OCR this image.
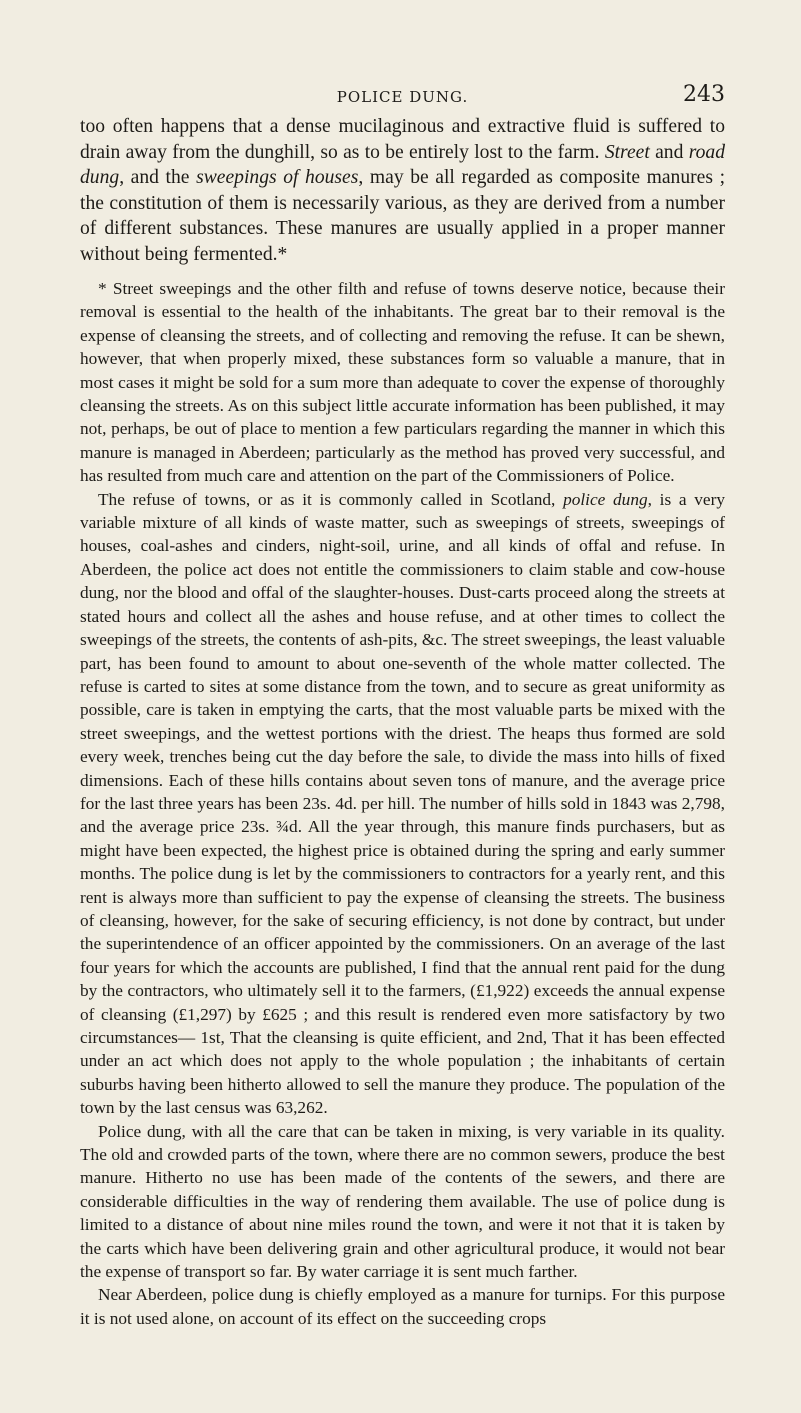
POLICE DUNG.	243

too often happens that a dense mucilaginous and extractive fluid is suffered to drain away from the dunghill, so as to be entirely lost to the farm. Street and road dung, and the sweepings of houses, may be all regarded as composite manures ; the constitution of them is necessarily various, as they are derived from a number of different substances. These manures are usually applied in a proper manner without being fermented.*

* Street sweepings and the other filth and refuse of towns deserve notice, because their removal is essential to the health of the inhabitants. The great bar to their removal is the expense of cleansing the streets, and of collecting and removing the refuse. It can be shewn, however, that when properly mixed, these substances form so valuable a manure, that in most cases it might be sold for a sum more than adequate to cover the expense of thoroughly cleansing the streets. As on this subject little accurate information has been published, it may not, perhaps, be out of place to mention a few particulars regarding the manner in which this manure is managed in Aberdeen; particularly as the method has proved very successful, and has resulted from much care and attention on the part of the Commissioners of Police.

The refuse of towns, or as it is commonly called in Scotland, police dung, is a very variable mixture of all kinds of waste matter, such as sweepings of streets, sweepings of houses, coal-ashes and cinders, night-soil, urine, and all kinds of offal and refuse. In Aberdeen, the police act does not entitle the commissioners to claim stable and cow-house dung, nor the blood and offal of the slaughter-houses. Dust-carts proceed along the streets at stated hours and collect all the ashes and house refuse, and at other times to collect the sweepings of the streets, the contents of ash-pits, &c. The street sweepings, the least valuable part, has been found to amount to about one-seventh of the whole matter collected. The refuse is carted to sites at some distance from the town, and to secure as great uniformity as possible, care is taken in emptying the carts, that the most valuable parts be mixed with the street sweepings, and the wettest portions with the driest. The heaps thus formed are sold every week, trenches being cut the day before the sale, to divide the mass into hills of fixed dimensions. Each of these hills contains about seven tons of manure, and the average price for the last three years has been 23s. 4d. per hill. The number of hills sold in 1843 was 2,798, and the average price 23s. ¾d. All the year through, this manure finds purchasers, but as might have been expected, the highest price is obtained during the spring and early summer months. The police dung is let by the commissioners to contractors for a yearly rent, and this rent is always more than sufficient to pay the expense of cleansing the streets. The business of cleansing, however, for the sake of securing efficiency, is not done by contract, but under the superintendence of an officer appointed by the commissioners. On an average of the last four years for which the accounts are published, I find that the annual rent paid for the dung by the contractors, who ultimately sell it to the farmers, (£1,922) exceeds the annual expense of cleansing (£1,297) by £625 ; and this result is rendered even more satisfactory by two circumstances— 1st, That the cleansing is quite efficient, and 2nd, That it has been effected under an act which does not apply to the whole population ; the inhabitants of certain suburbs having been hitherto allowed to sell the manure they produce. The population of the town by the last census was 63,262.

Police dung, with all the care that can be taken in mixing, is very variable in its quality. The old and crowded parts of the town, where there are no common sewers, produce the best manure. Hitherto no use has been made of the contents of the sewers, and there are considerable difficulties in the way of rendering them available. The use of police dung is limited to a distance of about nine miles round the town, and were it not that it is taken by the carts which have been delivering grain and other agricultural produce, it would not bear the expense of transport so far. By water carriage it is sent much farther.

Near Aberdeen, police dung is chiefly employed as a manure for turnips. For this purpose it is not used alone, on account of its effect on the succeeding crops
